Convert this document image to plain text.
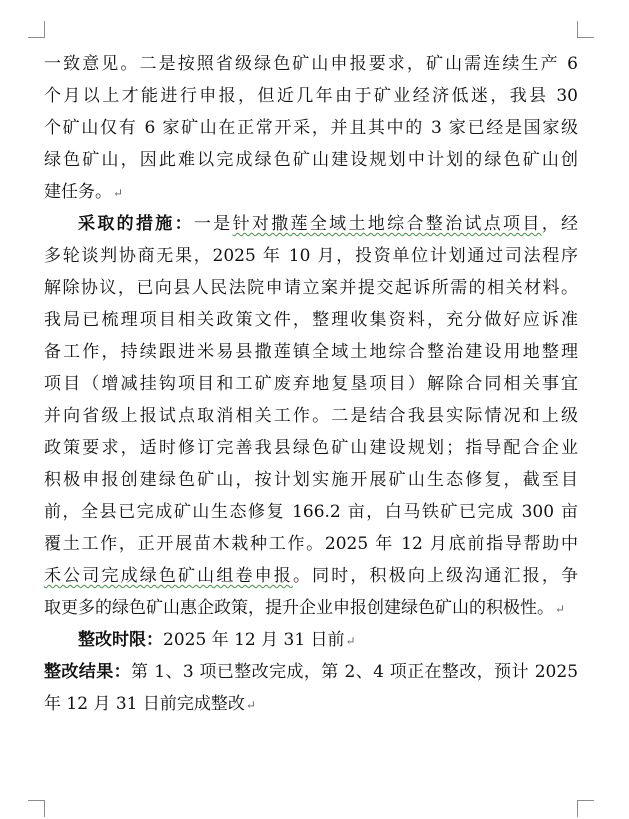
一致意见。二是按照省级绿色矿山申报要求，矿山需连续生产 6
个月以上才能进行申报，但近几年由于矿业经济低迷，我县 30
个矿山仅有 6 家矿山在正常开采，并且其中的 3 家已经是国家级
绿色矿山，因此难以完成绿色矿山建设规划中计划的绿色矿山创
建任务。↵
采取的措施：一是针对撒莲全域土地综合整治试点项目，经
多轮谈判协商无果，2025 年 10 月，投资单位计划通过司法程序
解除协议，已向县人民法院申请立案并提交起诉所需的相关材料。
我局已梳理项目相关政策文件，整理收集资料，充分做好应诉准
备工作，持续跟进米易县撒莲镇全域土地综合整治建设用地整理
项目（增减挂钩项目和工矿废弃地复垦项目）解除合同相关事宜
并向省级上报试点取消相关工作。二是结合我县实际情况和上级
政策要求，适时修订完善我县绿色矿山建设规划；指导配合企业
积极申报创建绿色矿山，按计划实施开展矿山生态修复，截至目
前，全县已完成矿山生态修复 166.2 亩，白马铁矿已完成 300 亩
覆土工作，正开展苗木栽种工作。2025 年 12 月底前指导帮助中
禾公司完成绿色矿山组卷申报。同时，积极向上级沟通汇报，争
取更多的绿色矿山惠企政策，提升企业申报创建绿色矿山的积极性。↵
整改时限：2025 年 12 月 31 日前↵
整改结果：第 1、3 项已整改完成，第 2、4 项正在整改，预计 2025
年 12 月 31 日前完成整改↵
